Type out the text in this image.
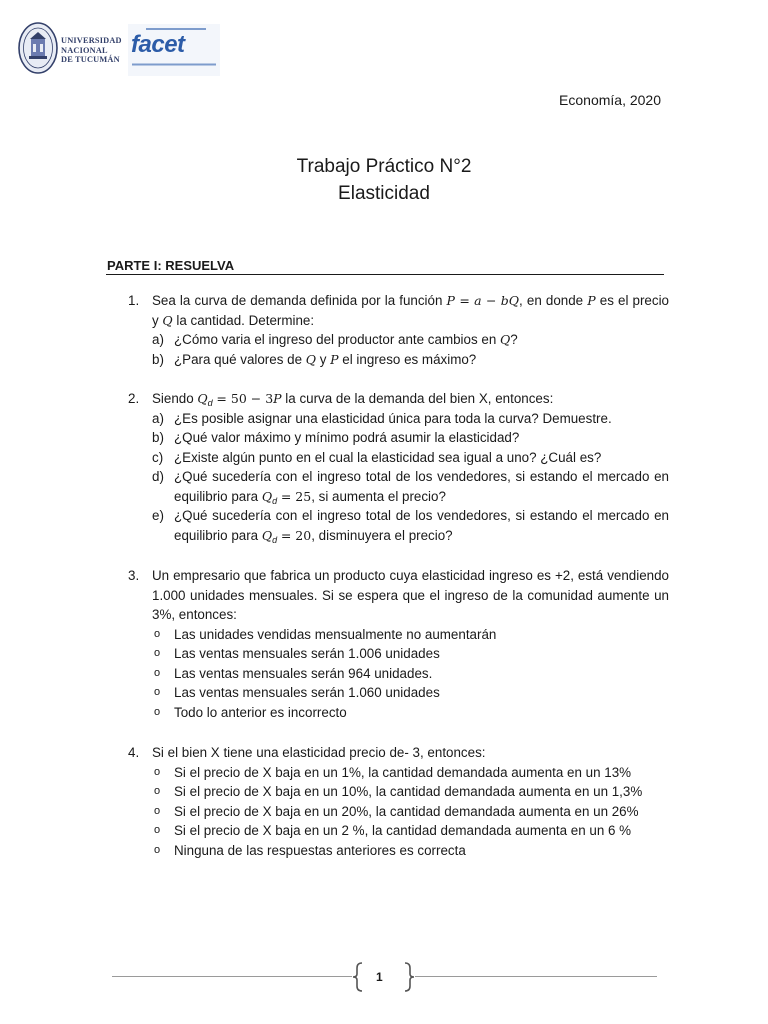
UNIVERSIDAD
NACIONAL
DE TUCUMÁN
facet
Economía, 2020
Trabajo Práctico N°2
Elasticidad
PARTE I: RESUELVA
1. Sea la curva de demanda definida por la función P = a − bQ, en donde P es el precio y Q la cantidad. Determine:
a) ¿Cómo varia el ingreso del productor ante cambios en Q?
b) ¿Para qué valores de Q y P el ingreso es máximo?
2. Siendo $Q_d = 50 - 3P$ la curva de la demanda del bien X, entonces:
a) ¿Es posible asignar una elasticidad única para toda la curva? Demuestre.
b) ¿Qué valor máximo y mínimo podrá asumir la elasticidad?
c) ¿Existe algún punto en el cual la elasticidad sea igual a uno? ¿Cuál es?
d) ¿Qué sucedería con el ingreso total de los vendedores, si estando el mercado en equilibrio para $Q_d = 25$, si aumenta el precio?
e) ¿Qué sucedería con el ingreso total de los vendedores, si estando el mercado en equilibrio para $Q_d = 20$, disminuyera el precio?
3. Un empresario que fabrica un producto cuya elasticidad ingreso es +2, está vendiendo 1.000 unidades mensuales. Si se espera que el ingreso de la comunidad aumente un 3%, entonces:
o Las unidades vendidas mensualmente no aumentarán
o Las ventas mensuales serán 1.006 unidades
o Las ventas mensuales serán 964 unidades.
o Las ventas mensuales serán 1.060 unidades
o Todo lo anterior es incorrecto
4. Si el bien X tiene una elasticidad precio de- 3, entonces:
o Si el precio de X baja en un 1%, la cantidad demandada aumenta en un 13%
o Si el precio de X baja en un 10%, la cantidad demandada aumenta en un 1,3%
o Si el precio de X baja en un 20%, la cantidad demandada aumenta en un 26%
o Si el precio de X baja en un 2 %, la cantidad demandada aumenta en un 6 %
o Ninguna de las respuestas anteriores es correcta
1
